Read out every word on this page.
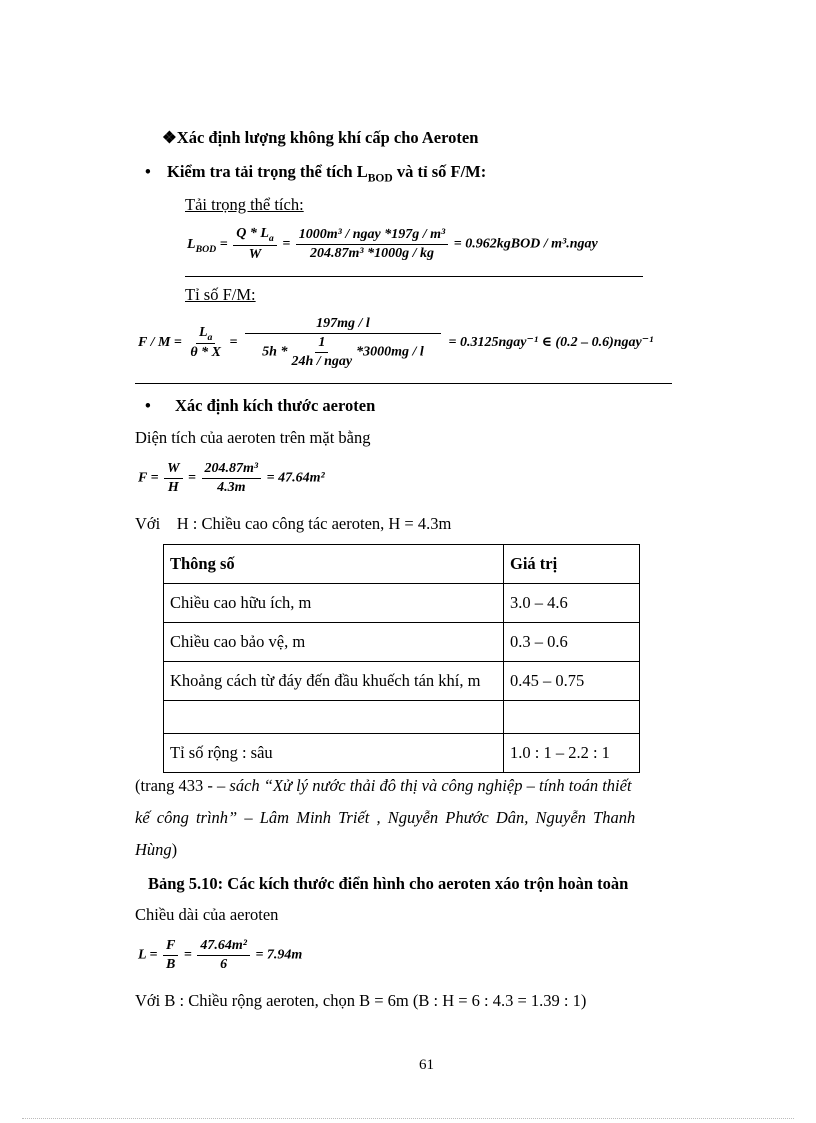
❖Xác định lượng không khí cấp cho Aeroten
• Kiểm tra tải trọng thể tích $L_{BOD}$ và tỉ số F/M:
Tải trọng thể tích:
$L_{BOD} = \frac{Q * L_a}{W} = \frac{\text{1000m³ / ngay *197g / m³}}{\text{204.87m³ *1000g / kg}}$ = 0.962kgBOD / m³.ngay
Tỉ số F/M:
$F / M = \frac{L_a}{\theta * X} = \frac{197mg / l}{5h * \frac{1}{\text{24h / ngay}} *3000mg / l}$ = 0.3125ngay⁻¹ ∈ (0.2 – 0.6)ngay⁻¹
• Xác định kích thước aeroten
Diện tích của aeroten trên mặt bằng
$F = \frac{W}{H} = \frac{\text{204.87m³}}{4.3m} = 47.64m^2$
Với    H : Chiều cao công tác aeroten, H = 4.3m
Thông số	Giá trị
Chiều cao hữu ích, m	3.0 – 4.6
Chiều cao bảo vệ, m	0.3 – 0.6
Khoảng cách từ đáy đến đầu khuếch tán khí, m	0.45 – 0.75

Tỉ số rộng : sâu	1.0 : 1 – 2.2 : 1
(trang 433 - – sách “Xử lý nước thải đô thị và công nghiệp – tính toán thiết
kế công trình” – Lâm Minh Triết , Nguyễn Phước Dân, Nguyễn Thanh
Hùng)
Bảng 5.10: Các kích thước điển hình cho aeroten xáo trộn hoàn toàn
Chiều dài của aeroten
$L = \frac{F}{B} = \frac{\text{47.64m²}}{6} = 7.94m$
Với B : Chiều rộng aeroten, chọn B = 6m (B : H = 6 : 4.3 = 1.39 : 1)
61
